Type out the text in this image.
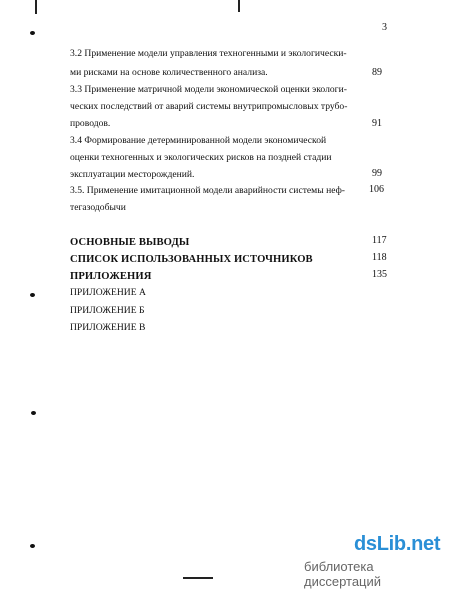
3
3.2 Применение модели управления техногенными и экологически-
ми рисками на основе количественного анализа.	89
3.3 Применение матричной модели экономической оценки экологи-
ческих последствий от аварий системы внутрипромысловых трубо-
проводов.	91
3.4 Формирование детерминированной модели экономической
оценки техногенных и экологических рисков на поздней стадии
эксплуатации месторождений.	99
3.5. Применение имитационной модели аварийности системы неф-
тегазодобычи
106
ОСНОВНЫЕ ВЫВОДЫ	117
СПИСОК ИСПОЛЬЗОВАННЫХ ИСТОЧНИКОВ	118
ПРИЛОЖЕНИЯ	135
ПРИЛОЖЕНИЕ А
ПРИЛОЖЕНИЕ Б
ПРИЛОЖЕНИЕ В
dsLib.net
библиотека диссертаций
